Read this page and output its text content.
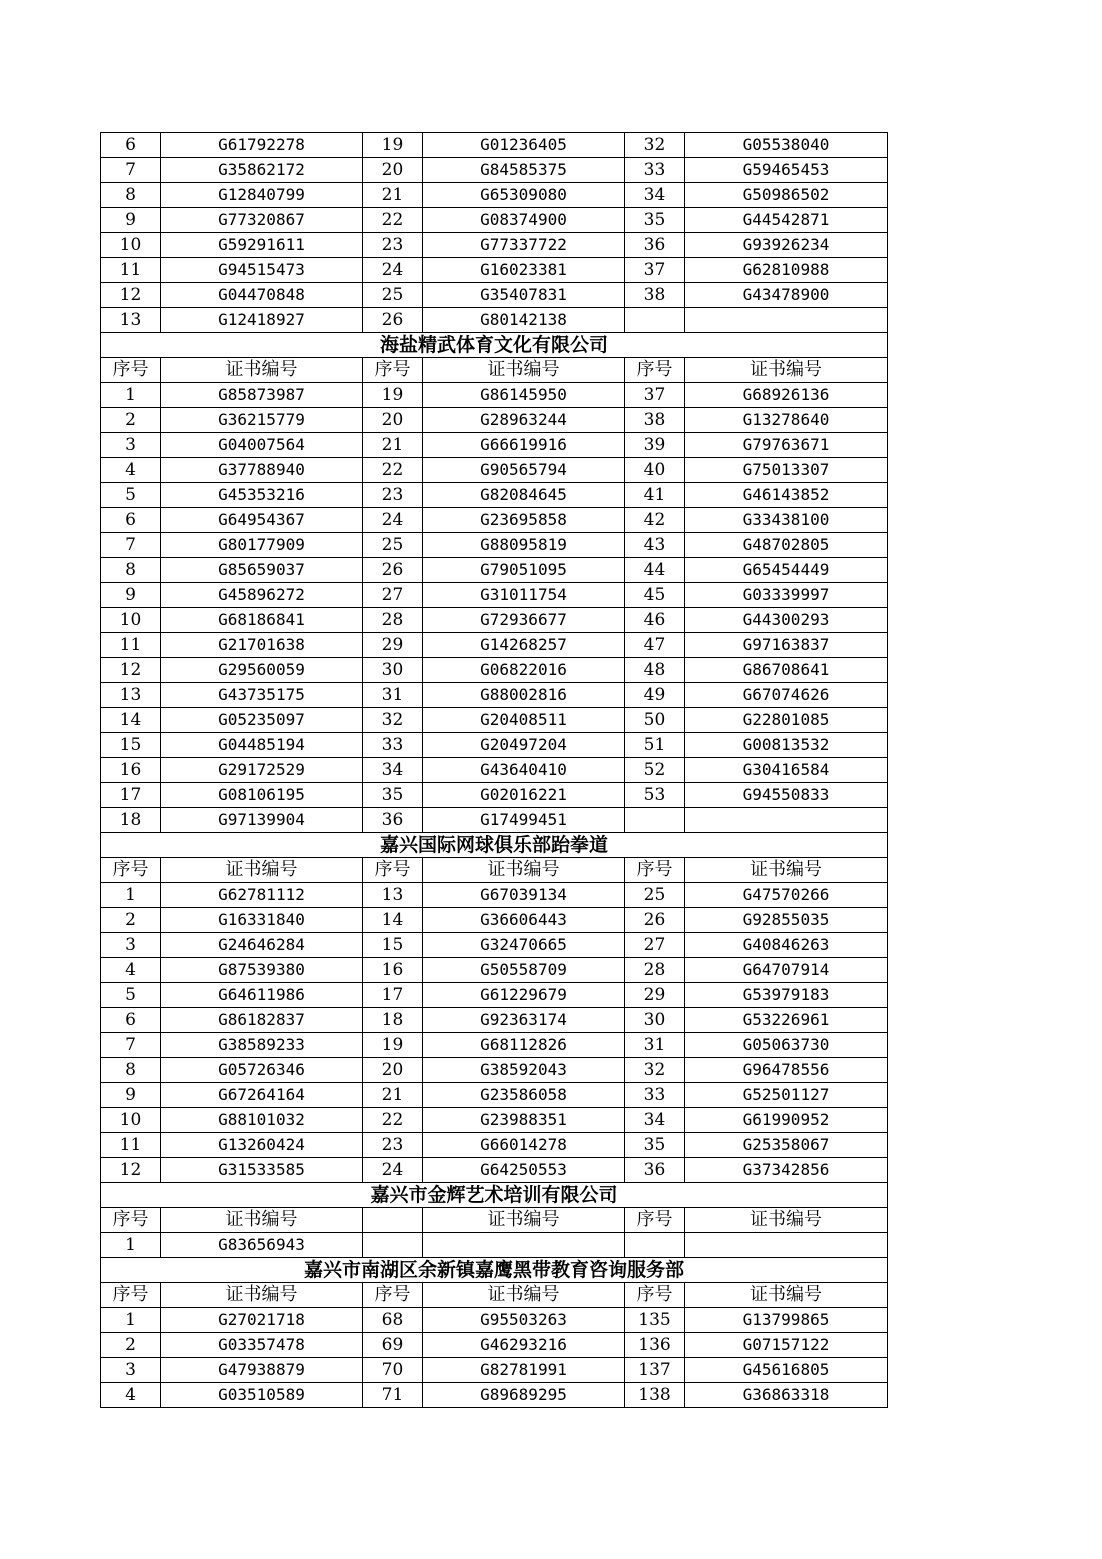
6	G61792278	19	G01236405	32	G05538040
7	G35862172	20	G84585375	33	G59465453
8	G12840799	21	G65309080	34	G50986502
9	G77320867	22	G08374900	35	G44542871
10	G59291611	23	G77337722	36	G93926234
11	G94515473	24	G16023381	37	G62810988
12	G04470848	25	G35407831	38	G43478900
13	G12418927	26	G80142138		
海盐精武体育文化有限公司					
序号	证书编号	序号	证书编号	序号	证书编号
1	G85873987	19	G86145950	37	G68926136
2	G36215779	20	G28963244	38	G13278640
3	G04007564	21	G66619916	39	G79763671
4	G37788940	22	G90565794	40	G75013307
5	G45353216	23	G82084645	41	G46143852
6	G64954367	24	G23695858	42	G33438100
7	G80177909	25	G88095819	43	G48702805
8	G85659037	26	G79051095	44	G65454449
9	G45896272	27	G31011754	45	G03339997
10	G68186841	28	G72936677	46	G44300293
11	G21701638	29	G14268257	47	G97163837
12	G29560059	30	G06822016	48	G86708641
13	G43735175	31	G88002816	49	G67074626
14	G05235097	32	G20408511	50	G22801085
15	G04485194	33	G20497204	51	G00813532
16	G29172529	34	G43640410	52	G30416584
17	G08106195	35	G02016221	53	G94550833
18	G97139904	36	G17499451		
嘉兴国际网球俱乐部跆拳道					
序号	证书编号	序号	证书编号	序号	证书编号
1	G62781112	13	G67039134	25	G47570266
2	G16331840	14	G36606443	26	G92855035
3	G24646284	15	G32470665	27	G40846263
4	G87539380	16	G50558709	28	G64707914
5	G64611986	17	G61229679	29	G53979183
6	G86182837	18	G92363174	30	G53226961
7	G38589233	19	G68112826	31	G05063730
8	G05726346	20	G38592043	32	G96478556
9	G67264164	21	G23586058	33	G52501127
10	G88101032	22	G23988351	34	G61990952
11	G13260424	23	G66014278	35	G25358067
12	G31533585	24	G64250553	36	G37342856
嘉兴市金辉艺术培训有限公司					
序号	证书编号		证书编号	序号	证书编号
1	G83656943				
嘉兴市南湖区余新镇嘉鹰黑带教育咨询服务部					
序号	证书编号	序号	证书编号	序号	证书编号
1	G27021718	68	G95503263	135	G13799865
2	G03357478	69	G46293216	136	G07157122
3	G47938879	70	G82781991	137	G45616805
4	G03510589	71	G89689295	138	G36863318
